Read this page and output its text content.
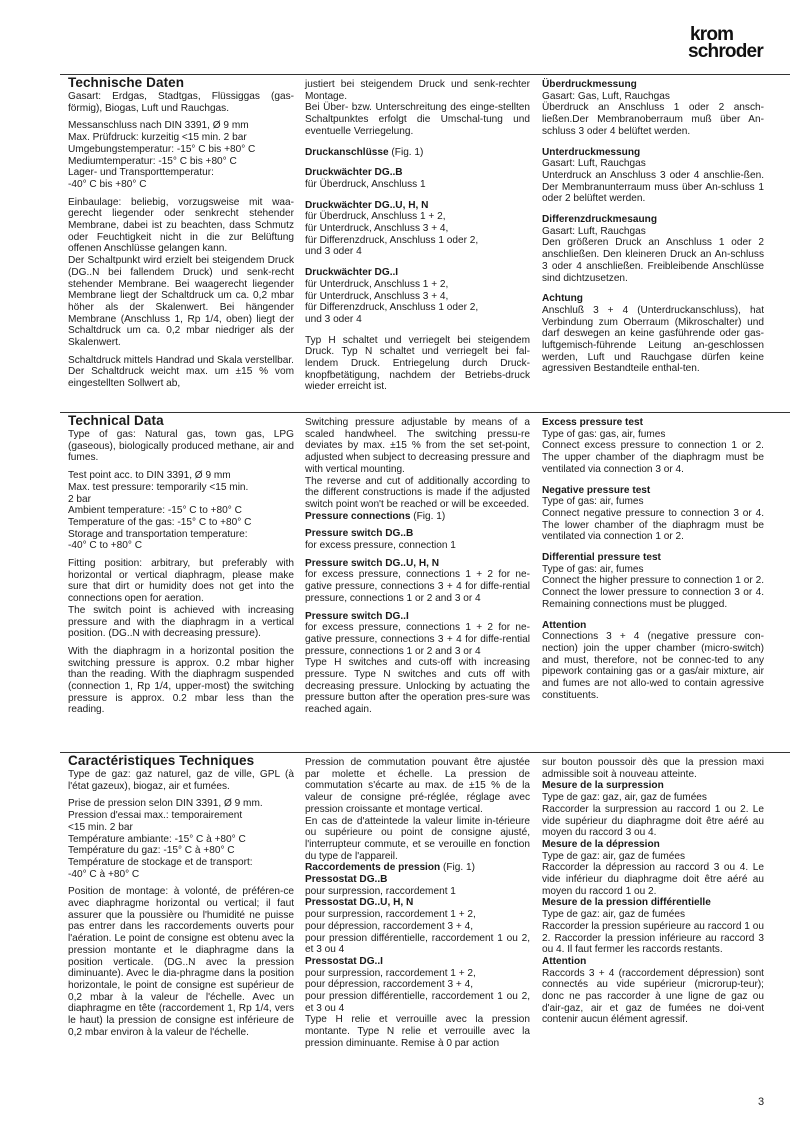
krom
schroder

Technische Daten

Gasart: Erdgas, Stadtgas, Flüssiggas (gas-förmig), Biogas, Luft und Rauchgas.

Messanschluss nach DIN 3391, Ø 9 mm

Max. Prüfdruck: kurzeitig <15 min. 2 bar

Umgebungstemperatur: -15° C bis +80° C

Mediumtemperatur: -15° C bis +80° C

Lager- und Transporttemperatur:

-40° C bis +80° C

Einbaulage: beliebig, vorzugsweise mit waa-gerecht liegender oder senkrecht stehender Membrane, dabei ist zu beachten, dass Schmutz oder Feuchtigkeit nicht in die zur Belüftung offenen Anschlüsse gelangen kann.

Der Schaltpunkt wird erzielt bei steigendem Druck (DG..N bei fallendem Druck) und senk-recht stehender Membrane. Bei waagerecht liegender Membrane liegt der Schaltdruck um ca. 0,2 mbar höher als der Skalenwert. Bei hängender Membrane (Anschluss 1, Rp 1/4, oben) liegt der Schaltdruck um ca. 0,2 mbar niedriger als der Skalenwert.

Schaltdruck mittels Handrad und Skala verstellbar. Der Schaltdruck weicht max. um ±15 % vom eingestellten Sollwert ab,

justiert bei steigendem Druck und senk-rechter Montage.

Bei Über- bzw. Unterschreitung des einge-stellten Schaltpunktes erfolgt die Umschal-tung und eventuelle Verriegelung.

Druckanschlüsse (Fig. 1)

Druckwächter DG..B

für Überdruck, Anschluss 1

Druckwächter DG..U, H, N

für Überdruck, Anschluss 1 + 2,

für Unterdruck, Anschluss 3 + 4,

für Differenzdruck, Anschluss 1 oder 2,

und 3 oder 4

Druckwächter DG..I

für Unterdruck, Anschluss 1 + 2,

für Unterdruck, Anschluss 3 + 4,

für Differenzdruck, Anschluss 1 oder 2,

und 3 oder 4

Typ H schaltet und verriegelt bei steigendem Druck. Typ N schaltet und verriegelt bei fal-lendem Druck. Entriegelung durch Druck-knopfbetätigung, nachdem der Betriebs-druck wieder erreicht ist.

Überdruckmessung

Gasart: Gas, Luft, Rauchgas

Überdruck an Anschluss 1 oder 2 ansch-ließen.Der Membranoberraum muß über An-schluss 3 oder 4 belüftet werden.

Unterdruckmessung

Gasart: Luft, Rauchgas

Unterdruck an Anschluss 3 oder 4 anschlie-ßen. Der Membranunterraum muss über An-schluss 1 oder 2 belüftet werden.

Differenzdruckmesaung

Gasart: Luft, Rauchgas

Den größeren Druck an Anschluss 1 oder 2 anschließen. Den kleineren Druck an An-schluss 3 oder 4 anschließen. Freibleibende Anschlüsse sind dichtzusetzen.

Achtung

Anschluß 3 + 4 (Unterdruckanschluss), hat Verbindung zum Oberraum (Mikroschalter) und darf deswegen an keine gasführende oder gas-luftgemisch-führende Leitung an-geschlossen werden, Luft und Rauchgase dürfen keine agressiven Bestandteile enthal-ten.

Technical Data

Type of gas: Natural gas, town gas, LPG (gaseous), biologically produced methane, air and fumes.

Test point acc. to DIN 3391, Ø 9 mm

Max. test pressure: temporarily <15 min.

2 bar

Ambient temperature: -15° C to +80° C

Temperature of the gas: -15° C to +80° C

Storage and transportation temperature:

-40° C to +80° C

Fitting position: arbitrary, but preferably with horizontal or vertical diaphragm, please make sure that dirt or humidity does not get into the connections open for aeration.

The switch point is achieved with increasing pressure and with the diaphragm in a vertical position. (DG..N with decreasing pressure).

With the diaphragm in a horizontal position the switching pressure is approx. 0.2 mbar higher than the reading. With the diaphragm suspended (connection 1, Rp 1/4, upper-most) the switching pressure is approx. 0.2 mbar less than the reading.

Switching pressure adjustable by means of a scaled handwheel. The switching pressu-re deviates by max. ±15 % from the set set-point, adjusted when subject to decreasing pressure and with vertical mounting.

The reverse and cut of additionally according to the different constructions is made if the adjusted switch point won't be reached or will be exceeded.

Pressure connections (Fig. 1)

Pressure switch DG..B

for excess pressure, connection 1

Pressure switch DG..U, H, N

for excess pressure, connections 1 + 2 for ne-gative pressure, connections 3 + 4 for diffe-rential pressure, connections 1 or 2 and 3 or 4

Pressure switch DG..I

for excess pressure, connections 1 + 2 for ne-gative pressure, connections 3 + 4 for diffe-rential pressure, connections 1 or 2 and 3 or 4

Type H switches and cuts-off with increasing pressure. Type N switches and cuts off with decreasing pressure. Unlocking by actuating the pressure button after the operation pres-sure was reached again.

Excess pressure test

Type of gas: gas, air, fumes

Connect excess pressure to connection 1 or 2. The upper chamber of the diaphragm must be ventilated via connection 3 or 4.

Negative pressure test

Type of gas: air, fumes

Connect negative pressure to connection 3 or 4. The lower chamber of the diaphragm must be ventilated via connection 1 or 2.

Differential pressure test

Type of gas: air, fumes

Connect the higher pressure to connection 1 or 2. Connect the lower pressure to connection 3 or 4. Remaining connections must be plugged.

Attention

Connections 3 + 4 (negative pressure con-nection) join the upper chamber (micro-switch) and must, therefore, not be connec-ted to any pipework containing gas or a gas/air mixture, air and fumes are not allo-wed to contain agressive constituents.

Caractéristiques Techniques

Type de gaz: gaz naturel, gaz de ville, GPL (à l'état gazeux), biogaz, air et fumées.

Prise de pression selon DIN 3391, Ø 9 mm.

Pression d'essai max.: temporairement

<15 min. 2 bar

Température ambiante: -15° C à +80° C

Température du gaz: -15° C à +80° C

Température de stockage et de transport:

-40° C à +80° C

Position de montage: à volonté, de préféren-ce avec diaphragme horizontal ou vertical; il faut assurer que la poussière ou l'humidité ne puisse pas entrer dans les raccordements ouverts pour l'aération. Le point de consigne est obtenu avec la pression montante et le diaphragme dans la position verticale. (DG..N avec la pression diminuante). Avec le dia-phragme dans la position horizontale, le point de consigne est supérieur de 0,2 mbar à la valeur de l'échelle. Avec un diaphragme en tête (raccordement 1, Rp 1/4, vers le haut) la pression de consigne est inférieure de 0,2 mbar environ à la valeur de l'échelle.

Pression de commutation pouvant être ajustée par molette et échelle. La pression de commutation s'écarte au max. de ±15 % de la valeur de consigne pré-réglée, réglage avec pression croissante et montage vertical.

En cas de d'atteintede la valeur limite in-térieure ou supérieure ou point de consigne ajusté, l'interrupteur commute, et se verouille en fonction du type de l'appareil.

Raccordements de pression (Fig. 1)

Pressostat DG..B

pour surpression, raccordement 1

Pressostat DG..U, H, N

pour surpression, raccordement 1 + 2,

pour dépression, raccordement 3 + 4,

pour pression différentielle, raccordement 1 ou 2, et 3 ou 4

Pressostat DG..I

pour surpression, raccordement 1 + 2,

pour dépression, raccordement 3 + 4,

pour pression différentielle, raccordement 1 ou 2, et 3 ou 4

Type H relie et verrouille avec la pression montante. Type N relie et verrouille avec la pression diminuante. Remise à 0 par action

sur bouton poussoir dès que la pression maxi admissible soit à nouveau atteinte.

Mesure de la surpression

Type de gaz: gaz, air, gaz de fumées

Raccorder la surpression au raccord 1 ou 2. Le vide supérieur du diaphragme doit être aéré au moyen du raccord 3 ou 4.

Mesure de la dépression

Type de gaz: air, gaz de fumées

Raccorder la dépression au raccord 3 ou 4. Le vide inférieur du diaphragme doit être aéré au moyen du raccord 1 ou 2.

Mesure de la pression différentielle

Type de gaz: air, gaz de fumées

Raccorder la pression supérieure au raccord 1 ou 2. Raccorder la pression inférieure au raccord 3 ou 4. Il faut fermer les raccords restants.

Attention

Raccords 3 + 4 (raccordement dépression) sont connectés au vide supérieur (microrup-teur); donc ne pas raccorder à une ligne de gaz ou d'air-gaz, air et gaz de fumées ne doi-vent contenir aucun élément agressif.

3
